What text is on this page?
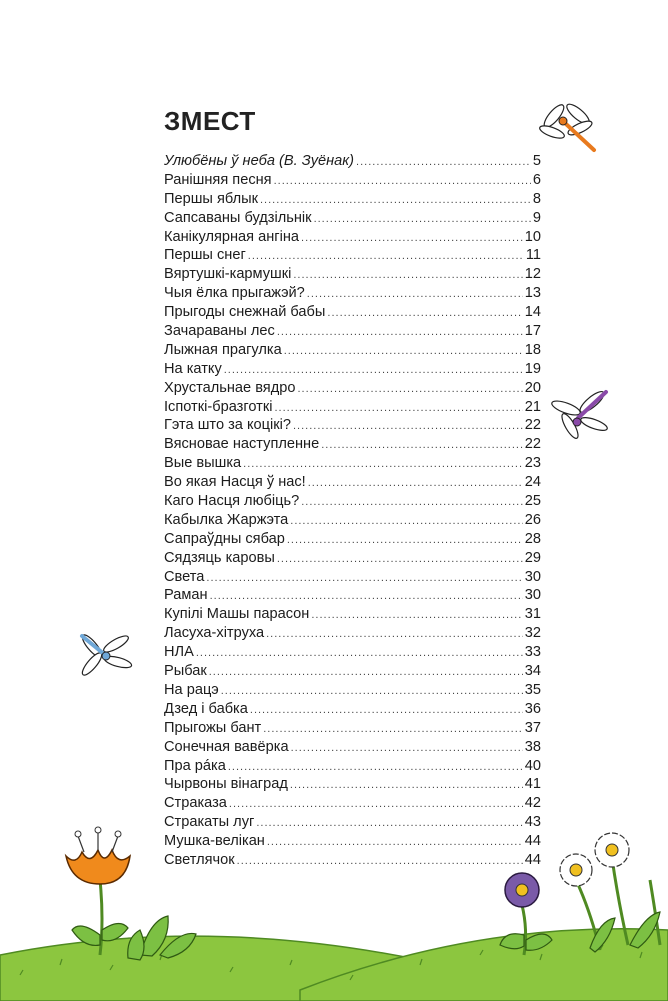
ЗМЕСТ
Улюбёны ў неба (В. Зуёнак) .....	5
Ранішняя песня .....	6
Першы яблык .....	8
Сапсаваны будзільнік .....	9
Канікулярная ангіна .....	10
Першы снег .....	11
Вяртушкі-кармушкі .....	12
Чыя ёлка прыгажэй? .....	13
Прыгоды снежнай бабы .....	14
Зачараваны лес .....	17
Лыжная прагулка .....	18
На катку .....	19
Хрустальнае вядро .....	20
Іспоткі-бразготкі .....	21
Гэта што за коцікі? .....	22
Вясновае наступленне .....	22
Вые вышка .....	23
Во якая Насця ў нас! .....	24
Каго Насця любіць? .....	25
Кабылка Жаржэта .....	26
Сапраўдны сябар .....	28
Сядзяць каровы .....	29
Света .....	30
Раман .....	30
Купілі Машы парасон .....	31
Ласуха-хітруха .....	32
НЛА .....	33
Рыбак .....	34
На рацэ .....	35
Дзед і бабка .....	36
Прыгожы бант .....	37
Сонечная вавёрка .....	38
Пра рáка .....	40
Чырвоны вінаград .....	41
Страказа .....	42
Стракаты луг .....	43
Мушка-велікан .....	44
Светлячок .....	44
